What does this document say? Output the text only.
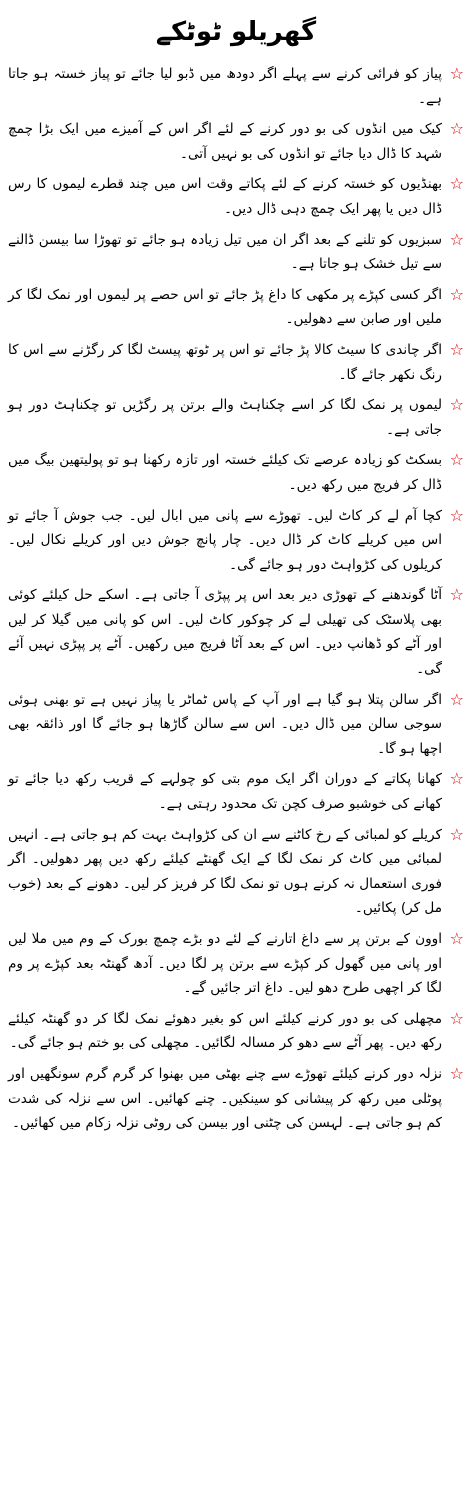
گھریلو ٹوٹکے
☆
پیاز کو فرائی کرنے سے پہلے اگر دودھ میں ڈبو لیا جائے تو پیاز خستہ ہو جاتا ہے۔
☆
کیک میں انڈوں کی بو دور کرنے کے لئے اگر اس کے آمیزے میں ایک بڑا چمچ شہد کا ڈال دیا جائے تو انڈوں کی بو نہیں آتی۔
☆
بھنڈیوں کو خستہ کرنے کے لئے پکاتے وقت اس میں چند قطرے لیموں کا رس ڈال دیں یا پھر ایک چمچ دہی ڈال دیں۔
☆
سبزیوں کو تلنے کے بعد اگر ان میں تیل زیادہ ہو جائے تو تھوڑا سا بیسن ڈالنے سے تیل خشک ہو جاتا ہے۔
☆
اگر کسی کپڑے پر مکھی کا داغ پڑ جائے تو اس حصے پر لیموں اور نمک لگا کر ملیں اور صابن سے دھولیں۔
☆
اگر چاندی کا سیٹ کالا پڑ جائے تو اس پر ٹوتھ پیسٹ لگا کر رگڑنے سے اس کا رنگ نکھر جائے گا۔
☆
لیموں پر نمک لگا کر اسے چکناہٹ والے برتن پر رگڑیں تو چکناہٹ دور ہو جاتی ہے۔
☆
بسکٹ کو زیادہ عرصے تک کیلئے خستہ اور تازہ رکھنا ہو تو پولیتھین بیگ میں ڈال کر فریج میں رکھ دیں۔
☆
کچا آم لے کر کاٹ لیں۔ تھوڑے سے پانی میں ابال لیں۔ جب جوش آ جائے تو اس میں کریلے کاٹ کر ڈال دیں۔ چار پانچ جوش دیں اور کریلے نکال لیں۔ کریلوں کی کڑواہٹ دور ہو جائے گی۔
☆
آٹا گوندھنے کے تھوڑی دیر بعد اس پر پپڑی آ جاتی ہے۔ اسکے حل کیلئے کوئی بھی پلاسٹک کی تھیلی لے کر چوکور کاٹ لیں۔ اس کو پانی میں گیلا کر لیں اور آٹے کو ڈھانپ دیں۔ اس کے بعد آٹا فریج میں رکھیں۔ آٹے پر پپڑی نہیں آئے گی۔
☆
اگر سالن پتلا ہو گیا ہے اور آپ کے پاس ٹماٹر یا پیاز نہیں ہے تو بھنی ہوئی سوجی سالن میں ڈال دیں۔ اس سے سالن گاڑھا ہو جائے گا اور ذائقہ بھی اچھا ہو گا۔
☆
کھانا پکاتے کے دوران اگر ایک موم بتی کو چولہے کے قریب رکھ دیا جائے تو کھانے کی خوشبو صرف کچن تک محدود رہتی ہے۔
☆
کریلے کو لمبائی کے رخ کاٹنے سے ان کی کڑواہٹ بہت کم ہو جاتی ہے۔ انہیں لمبائی میں کاٹ کر نمک لگا کے ایک گھنٹے کیلئے رکھ دیں پھر دھولیں۔ اگر فوری استعمال نہ کرنے ہوں تو نمک لگا کر فریز کر لیں۔ دھونے کے بعد (خوب مل کر) پکائیں۔
☆
اوون کے برتن پر سے داغ اتارنے کے لئے دو بڑے چمچ بورک کے وم میں ملا لیں اور پانی میں گھول کر کپڑے سے برتن پر لگا دیں۔ آدھ گھنٹہ بعد کپڑے پر وم لگا کر اچھی طرح دھو لیں۔ داغ اتر جائیں گے۔
☆
مچھلی کی بو دور کرنے کیلئے اس کو بغیر دھوئے نمک لگا کر دو گھنٹہ کیلئے رکھ دیں۔ پھر آٹے سے دھو کر مسالہ لگائیں۔ مچھلی کی بو ختم ہو جائے گی۔
☆
نزلہ دور کرنے کیلئے تھوڑے سے چنے بھٹی میں بھنوا کر گرم گرم سونگھیں اور پوٹلی میں رکھ کر پیشانی کو سینکیں۔ چنے کھائیں۔ اس سے نزلہ کی شدت کم ہو جاتی ہے۔ لہسن کی چٹنی اور بیسن کی روٹی نزلہ زکام میں کھائیں۔
